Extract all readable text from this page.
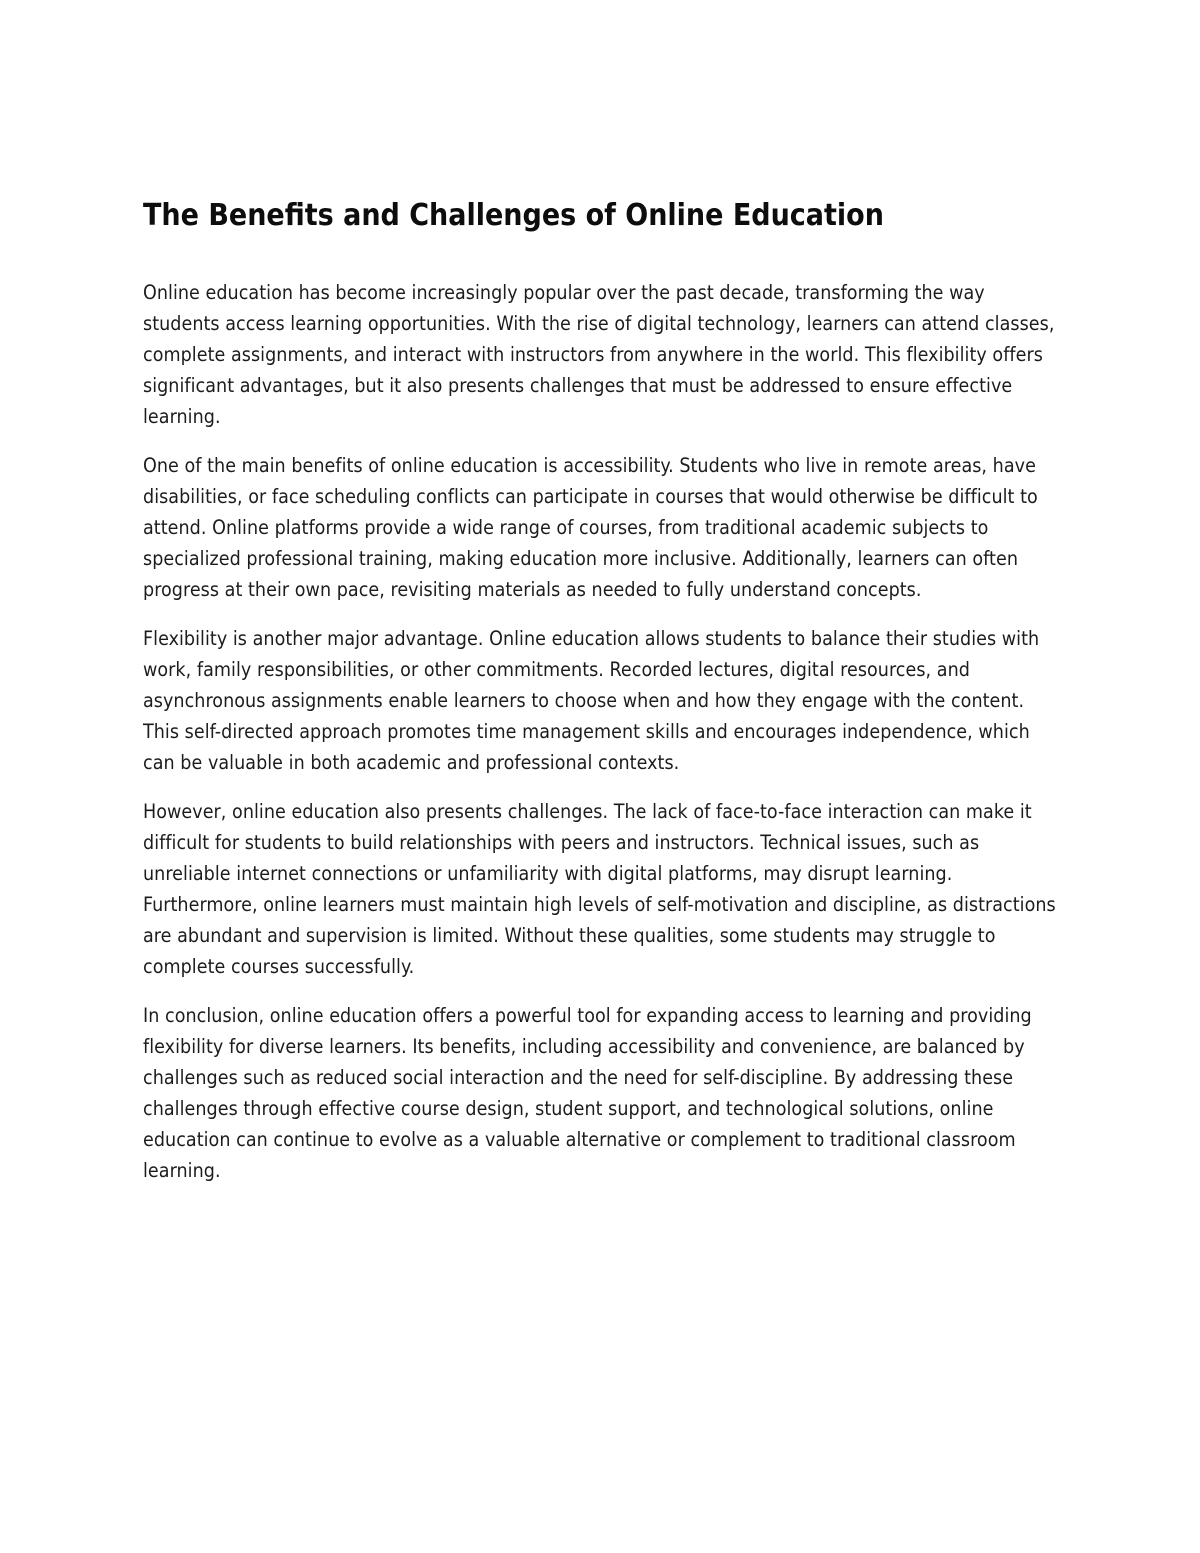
The Benefits and Challenges of Online Education

Online education has become increasingly popular over the past decade, transforming the way students access learning opportunities. With the rise of digital technology, learners can attend classes, complete assignments, and interact with instructors from anywhere in the world. This flexibility offers significant advantages, but it also presents challenges that must be addressed to ensure effective learning.

One of the main benefits of online education is accessibility. Students who live in remote areas, have disabilities, or face scheduling conflicts can participate in courses that would otherwise be difficult to attend. Online platforms provide a wide range of courses, from traditional academic subjects to specialized professional training, making education more inclusive. Additionally, learners can often progress at their own pace, revisiting materials as needed to fully understand concepts.

Flexibility is another major advantage. Online education allows students to balance their studies with work, family responsibilities, or other commitments. Recorded lectures, digital resources, and asynchronous assignments enable learners to choose when and how they engage with the content. This self-directed approach promotes time management skills and encourages independence, which can be valuable in both academic and professional contexts.

However, online education also presents challenges. The lack of face-to-face interaction can make it difficult for students to build relationships with peers and instructors. Technical issues, such as unreliable internet connections or unfamiliarity with digital platforms, may disrupt learning. Furthermore, online learners must maintain high levels of self-motivation and discipline, as distractions are abundant and supervision is limited. Without these qualities, some students may struggle to complete courses successfully.

In conclusion, online education offers a powerful tool for expanding access to learning and providing flexibility for diverse learners. Its benefits, including accessibility and convenience, are balanced by challenges such as reduced social interaction and the need for self-discipline. By addressing these challenges through effective course design, student support, and technological solutions, online education can continue to evolve as a valuable alternative or complement to traditional classroom learning.
